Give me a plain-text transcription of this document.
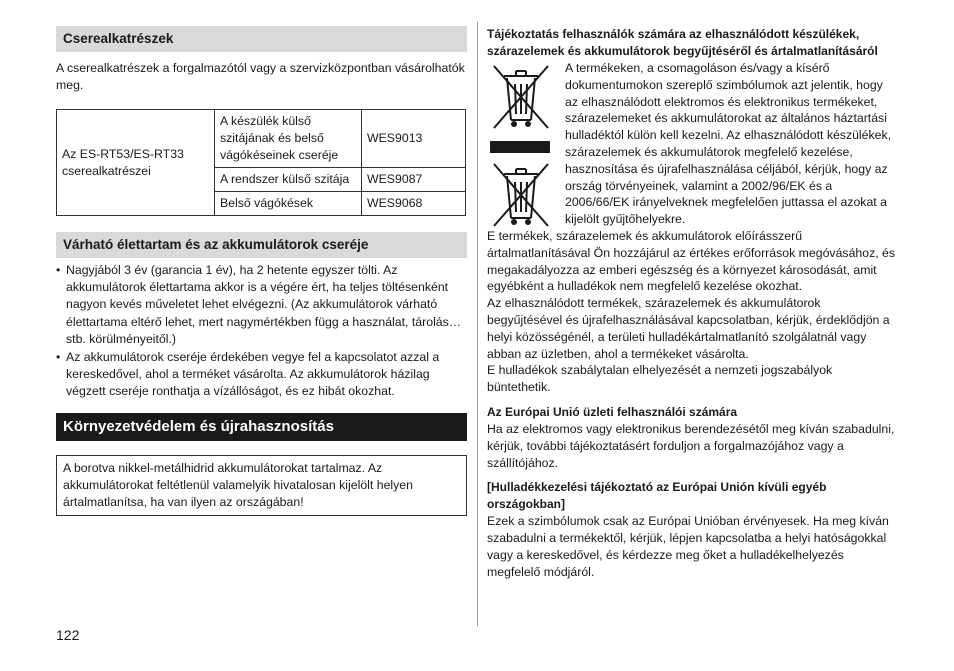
Cserealkatrészek
A cserealkatrészek a forgalmazótól vagy a szervizközpontban vásárolhatók meg.
Az ES-RT53/ES-RT33 cserealkatrészei	A készülék külső szitájának és belső vágókéseinek cseréje	WES9013
	A rendszer külső szitája	WES9087
	Belső vágókések	WES9068
Várható élettartam és az akkumulátorok cseréje
• Nagyjából 3 év (garancia 1 év), ha 2 hetente egyszer tölti. Az akkumulátorok élettartama akkor is a végére ért, ha teljes töltésenként nagyon kevés műveletet lehet elvégezni. (Az akkumulátorok várható élettartama eltérő lehet, mert nagymértékben függ a használat, tárolás… stb. körülményeitől.)
• Az akkumulátorok cseréje érdekében vegye fel a kapcsolatot azzal a kereskedővel, ahol a terméket vásárolta. Az akkumulátorok házilag végzett cseréje ronthatja a vízállóságot, és ez hibát okozhat.
Környezetvédelem és újrahasznosítás
A borotva nikkel-metálhidrid akkumulátorokat tartalmaz. Az akkumulátorokat feltétlenül valamelyik hivatalosan kijelölt helyen ártalmatlanítsa, ha van ilyen az országában!
Tájékoztatás felhasználók számára az elhasználódott készülékek, szárazelemek és akkumulátorok begyűjtéséről és ártalmatlanításáról
A termékeken, a csomagoláson és/vagy a kísérő dokumentumokon szereplő szimbólumok azt jelentik, hogy az elhasználódott elektromos és elektronikus termékeket, szárazelemeket és akkumulátorokat az általános háztartási hulladéktól külön kell kezelni. Az elhasználódott készülékek, szárazelemek és akkumulátorok megfelelő kezelése, hasznosítása és újrafelhasználása céljából, kérjük, hogy az ország törvényeinek, valamint a 2002/96/EK és a 2006/66/EK irányelveknek megfelelően juttassa el azokat a kijelölt gyűjtőhelyekre.
E termékek, szárazelemek és akkumulátorok előírásszerű ártalmatlanításával Ön hozzájárul az értékes erőforrások megóvásához, és megakadályozza az emberi egészség és a környezet károsodását, amit egyébként a hulladékok nem megfelelő kezelése okozhat.
Az elhasználódott termékek, szárazelemek és akkumulátorok begyűjtésével és újrafelhasználásával kapcsolatban, kérjük, érdeklődjön a helyi közösségénél, a területi hulladékártalmatlanító szolgálatnál vagy abban az üzletben, ahol a termékeket vásárolta.
E hulladékok szabálytalan elhelyezését a nemzeti jogszabályok büntethetik.
Az Európai Unió üzleti felhasználói számára
Ha az elektromos vagy elektronikus berendezésétől meg kíván szabadulni, kérjük, további tájékoztatásért forduljon a forgalmazójához vagy a szállítójához.
[Hulladékkezelési tájékoztató az Európai Unión kívüli egyéb országokban]
Ezek a szimbólumok csak az Európai Unióban érvényesek. Ha meg kíván szabadulni a termékektől, kérjük, lépjen kapcsolatba a helyi hatóságokkal vagy a kereskedővel, és kérdezze meg őket a hulladékelhelyezés megfelelő módjáról.
122
